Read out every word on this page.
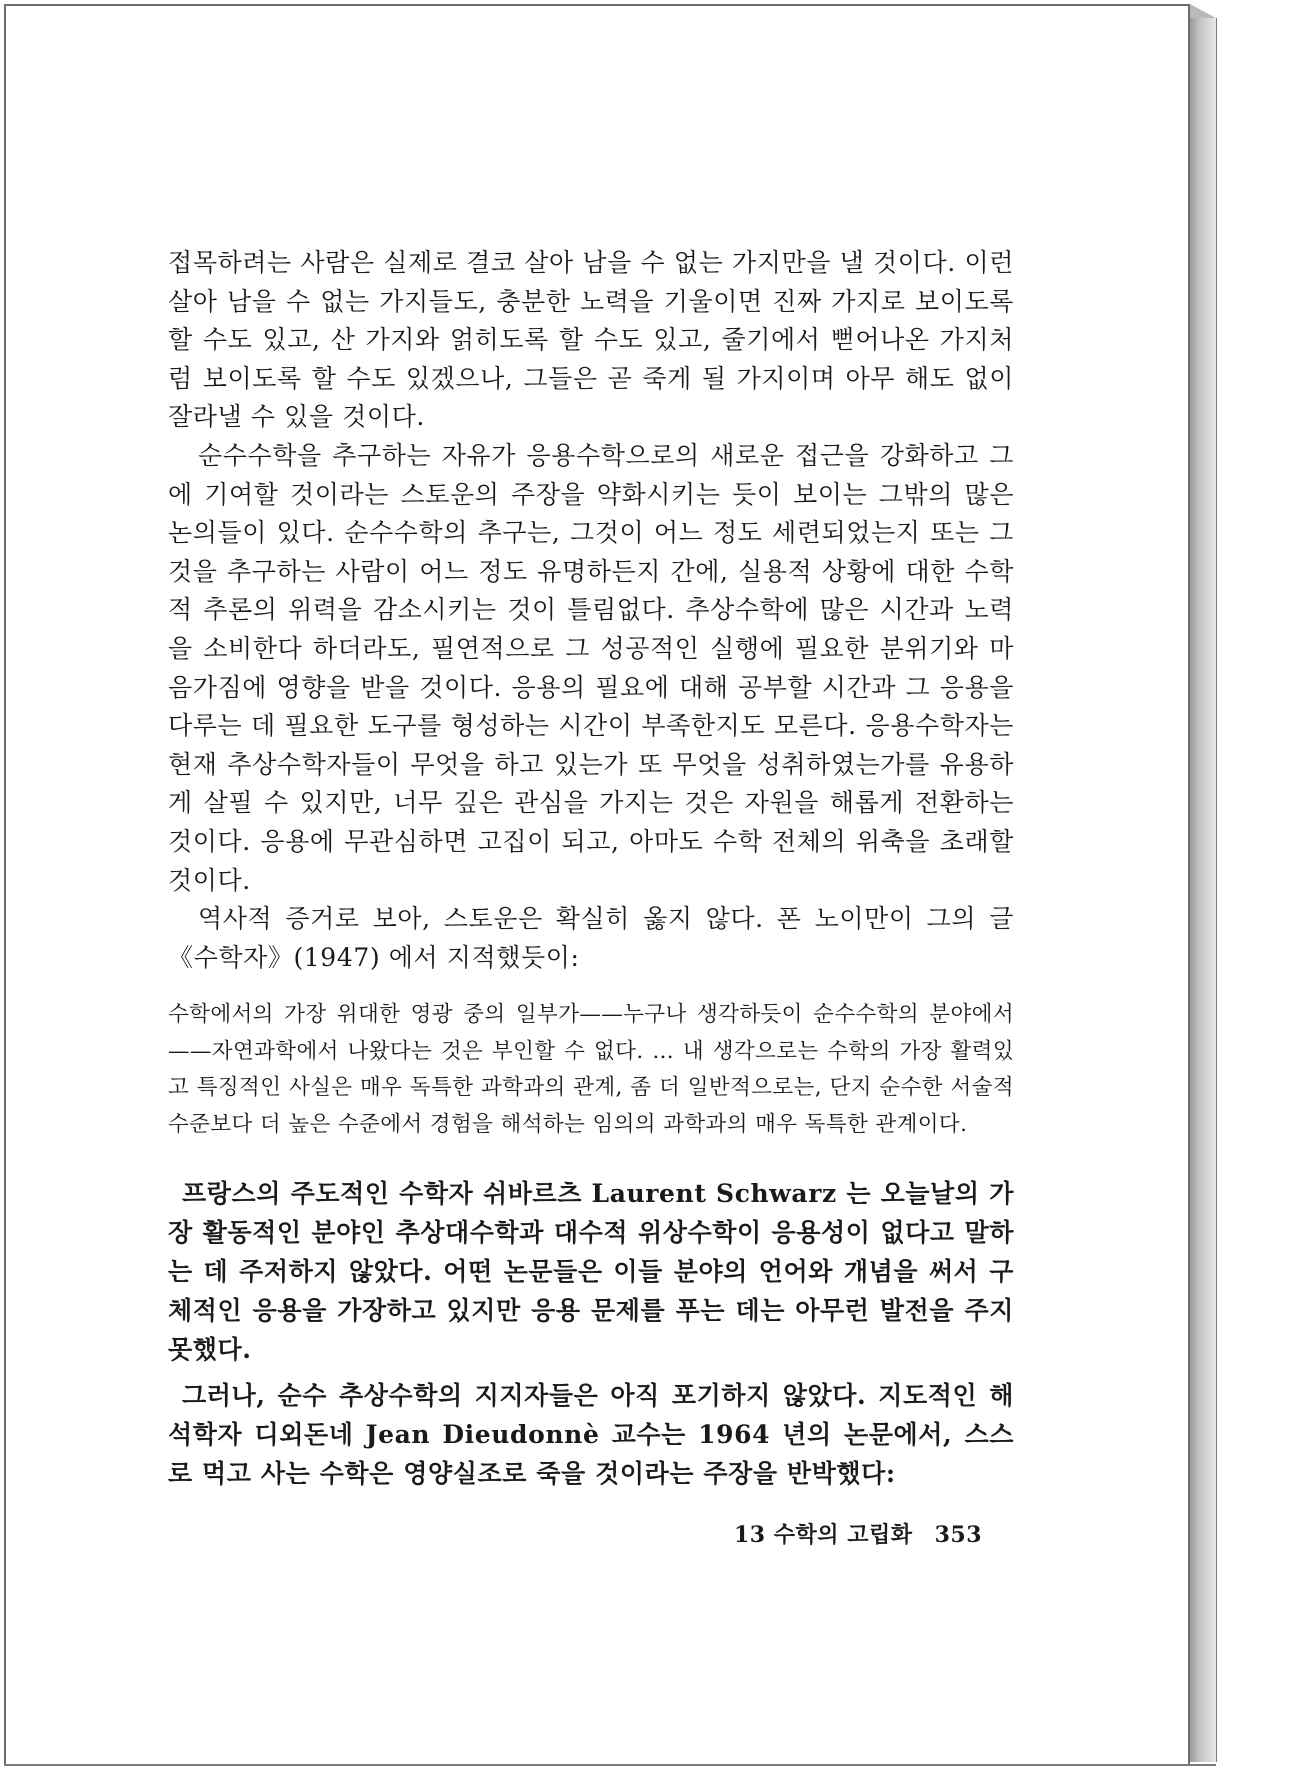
접목하려는 사람은 실제로 결코 살아 남을 수 없는 가지만을 낼 것이다. 이런 살아 남을 수 없는 가지들도, 충분한 노력을 기울이면 진짜 가지로 보이도록 할 수도 있고, 산 가지와 얽히도록 할 수도 있고, 줄기에서 뻗어나온 가지처럼 보이도록 할 수도 있겠으나, 그들은 곧 죽게 될 가지이며 아무 해도 없이 잘라낼 수 있을 것이다.

순수수학을 추구하는 자유가 응용수학으로의 새로운 접근을 강화하고 그에 기여할 것이라는 스토운의 주장을 약화시키는 듯이 보이는 그밖의 많은 논의들이 있다. 순수수학의 추구는, 그것이 어느 정도 세련되었는지 또는 그것을 추구하는 사람이 어느 정도 유명하든지 간에, 실용적 상황에 대한 수학적 추론의 위력을 감소시키는 것이 틀림없다. 추상수학에 많은 시간과 노력을 소비한다 하더라도, 필연적으로 그 성공적인 실행에 필요한 분위기와 마음가짐에 영향을 받을 것이다. 응용의 필요에 대해 공부할 시간과 그 응용을 다루는 데 필요한 도구를 형성하는 시간이 부족한지도 모른다. 응용수학자는 현재 추상수학자들이 무엇을 하고 있는가 또 무엇을 성취하였는가를 유용하게 살필 수 있지만, 너무 깊은 관심을 가지는 것은 자원을 해롭게 전환하는 것이다. 응용에 무관심하면 고집이 되고, 아마도 수학 전체의 위축을 초래할 것이다.

역사적 증거로 보아, 스토운은 확실히 옳지 않다. 폰 노이만이 그의 글 《수학자》(1947) 에서 지적했듯이:

수학에서의 가장 위대한 영광 중의 일부가——누구나 생각하듯이 순수수학의 분야에서——자연과학에서 나왔다는 것은 부인할 수 없다. … 내 생각으로는 수학의 가장 활력있고 특징적인 사실은 매우 독특한 과학과의 관계, 좀 더 일반적으로는, 단지 순수한 서술적 수준보다 더 높은 수준에서 경험을 해석하는 임의의 과학과의 매우 독특한 관계이다.

프랑스의 주도적인 수학자 쉬바르츠 Laurent Schwarz 는 오늘날의 가장 활동적인 분야인 추상대수학과 대수적 위상수학이 응용성이 없다고 말하는 데 주저하지 않았다. 어떤 논문들은 이들 분야의 언어와 개념을 써서 구체적인 응용을 가장하고 있지만 응용 문제를 푸는 데는 아무런 발전을 주지 못했다.

그러나, 순수 추상수학의 지지자들은 아직 포기하지 않았다. 지도적인 해석학자 디외돈네 Jean Dieudonnè 교수는 1964 년의 논문에서, 스스로 먹고 사는 수학은 영양실조로 죽을 것이라는 주장을 반박했다:

13 수학의 고립화 353
